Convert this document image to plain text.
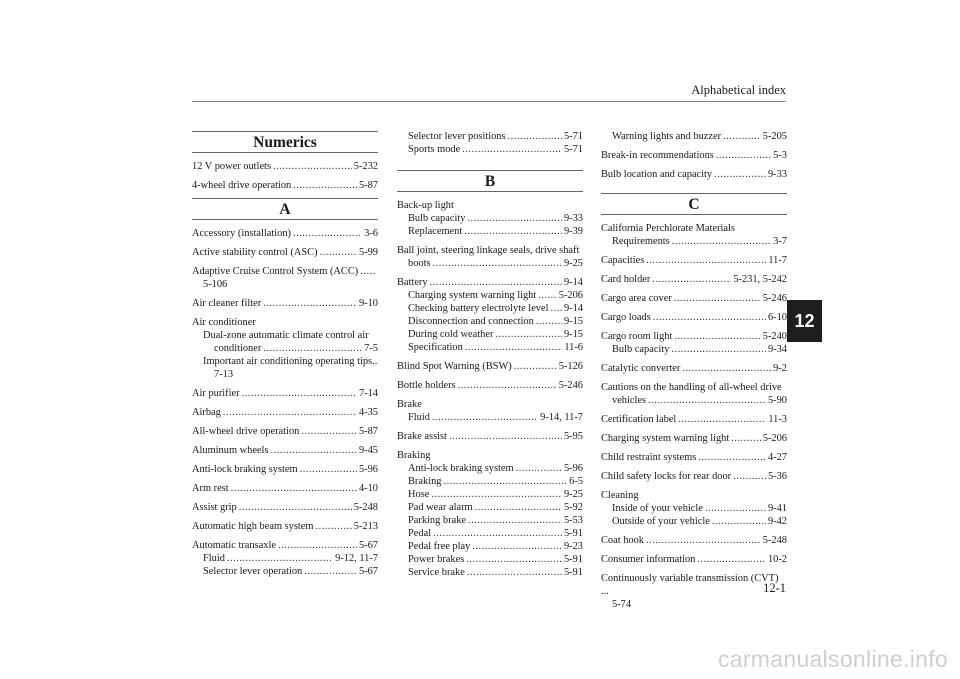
Alphabetical index
12
Numerics
12 V power outlets .....	5-232
4-wheel drive operation .....	5-87
A
Accessory (installation) .....	3-6
Active stability control (ASC) .....	5-99
Adaptive Cruise Control System (ACC)
.....
5-106
Air cleaner filter .....	9-10
Air conditioner
Dual-zone automatic climate control air
conditioner .....	7-5
Important air conditioning operating tips..
7-13
Air purifier .....	7-14
Airbag .....	4-35
All-wheel drive operation .....	5-87
Aluminum wheels .....	9-45
Anti-lock braking system .....	5-96
Arm rest .....	4-10
Assist grip .....	5-248
Automatic high beam system .....	5-213
Automatic transaxle .....	5-67
Fluid .....	9-12, 11-7
Selector lever operation .....	5-67
Selector lever positions .....	5-71
Sports mode .....	5-71
B
Back-up light
Bulb capacity .....	9-33
Replacement .....	9-39
Ball joint, steering linkage seals, drive shaft
boots .....	9-25
Battery .....	9-14
Charging system warning light ..... 5-206
Checking battery electrolyte level ..... 9-14
Disconnection and connection .....	9-15
During cold weather .....	9-15
Specification .....	11-6
Blind Spot Warning (BSW) .....	5-126
Bottle holders .....	5-246
Brake
Fluid .....	9-14, 11-7
Brake assist .....	5-95
Braking
Anti-lock braking system .....	5-96
Braking .....	6-5
Hose .....	9-25
Pad wear alarm .....	5-92
Parking brake .....	5-53
Pedal .....	5-91
Pedal free play .....	9-23
Power brakes .....	5-91
Service brake .....	5-91
Warning lights and buzzer .....	5-205
Break-in recommendations .....	5-3
Bulb location and capacity .....	9-33
C
California Perchlorate Materials
Requirements .....	3-7
Capacities .....	11-7
Card holder .....	5-231, 5-242
Cargo area cover .....	5-246
Cargo loads .....	6-10
Cargo room light .....	5-240
Bulb capacity .....	9-34
Catalytic converter .....	9-2
Cautions on the handling of all-wheel drive
vehicles .....	5-90
Certification label .....	11-3
Charging system warning light .....	5-206
Child restraint systems .....	4-27
Child safety locks for rear door .....	5-36
Cleaning
Inside of your vehicle .....	9-41
Outside of your vehicle .....	9-42
Coat hook .....	5-248
Consumer information .....	10-2
Continuously variable transmission (CVT) ...
5-74
12-1
carmanualsonline.info
